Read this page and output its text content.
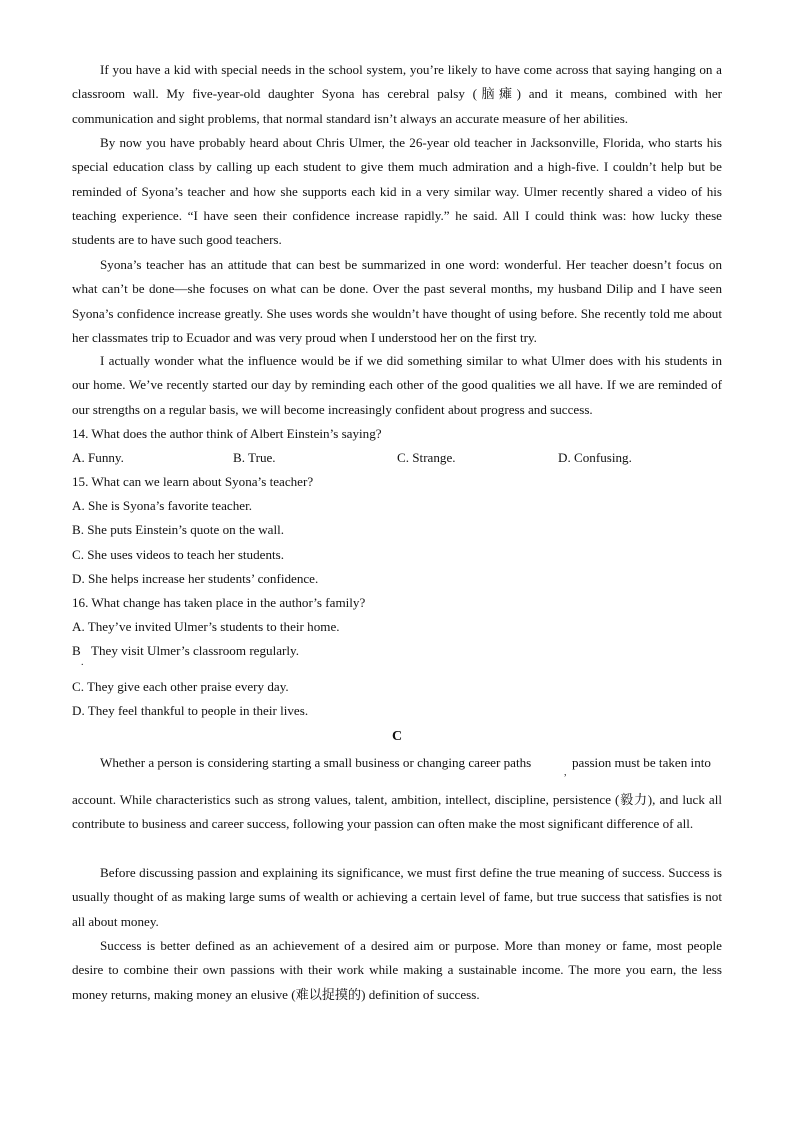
If you have a kid with special needs in the school system, you’re likely to have come across that saying hanging on a classroom wall. My five-year-old daughter Syona has cerebral palsy (脑瘫) and it means, combined with her communication and sight problems, that normal standard isn’t always an accurate measure of her abilities.

By now you have probably heard about Chris Ulmer, the 26-year old teacher in Jacksonville, Florida, who starts his special education class by calling up each student to give them much admiration and a high-five. I couldn’t help but be reminded of Syona’s teacher and how she supports each kid in a very similar way. Ulmer recently shared a video of his teaching experience. “I have seen their confidence increase rapidly.” he said. All I could think was: how lucky these students are to have such good teachers.

Syona’s teacher has an attitude that can best be summarized in one word: wonderful. Her teacher doesn’t focus on what can’t be done—she focuses on what can be done. Over the past several months, my husband Dilip and I have seen Syona’s confidence increase greatly. She uses words she wouldn’t have thought of using before. She recently told me about her classmates trip to Ecuador and was very proud when I understood her on the first try.

I actually wonder what the influence would be if we did something similar to what Ulmer does with his students in our home. We’ve recently started our day by reminding each other of the good qualities we all have. If we are reminded of our strengths on a regular basis, we will become increasingly confident about progress and success.

14. What does the author think of Albert Einstein’s saying?
A. Funny.	B. True.	C. Strange.	D. Confusing.
15. What can we learn about Syona’s teacher?
A. She is Syona’s favorite teacher.
B. She puts Einstein’s quote on the wall.
C. She uses videos to teach her students.
D. She helps increase her students’ confidence.
16. What change has taken place in the author’s family?
A. They’ve invited Ulmer’s students to their home.
B
.
They visit Ulmer’s classroom regularly.
C. They give each other praise every day.
D. They feel thankful to people in their lives.
C
Whether a person is considering starting a small business or changing career paths
,
passion must be taken into

account. While characteristics such as strong values, talent, ambition, intellect, discipline, persistence (毅力), and luck all contribute to business and career success, following your passion can often make the most significant difference of all.

Before discussing passion and explaining its significance, we must first define the true meaning of success. Success is usually thought of as making large sums of wealth or achieving a certain level of fame, but true success that satisfies is not all about money.

Success is better defined as an achievement of a desired aim or purpose. More than money or fame, most people desire to combine their own passions with their work while making a sustainable income. The more you earn, the less money returns, making money an elusive (难以捉摸的) definition of success.
